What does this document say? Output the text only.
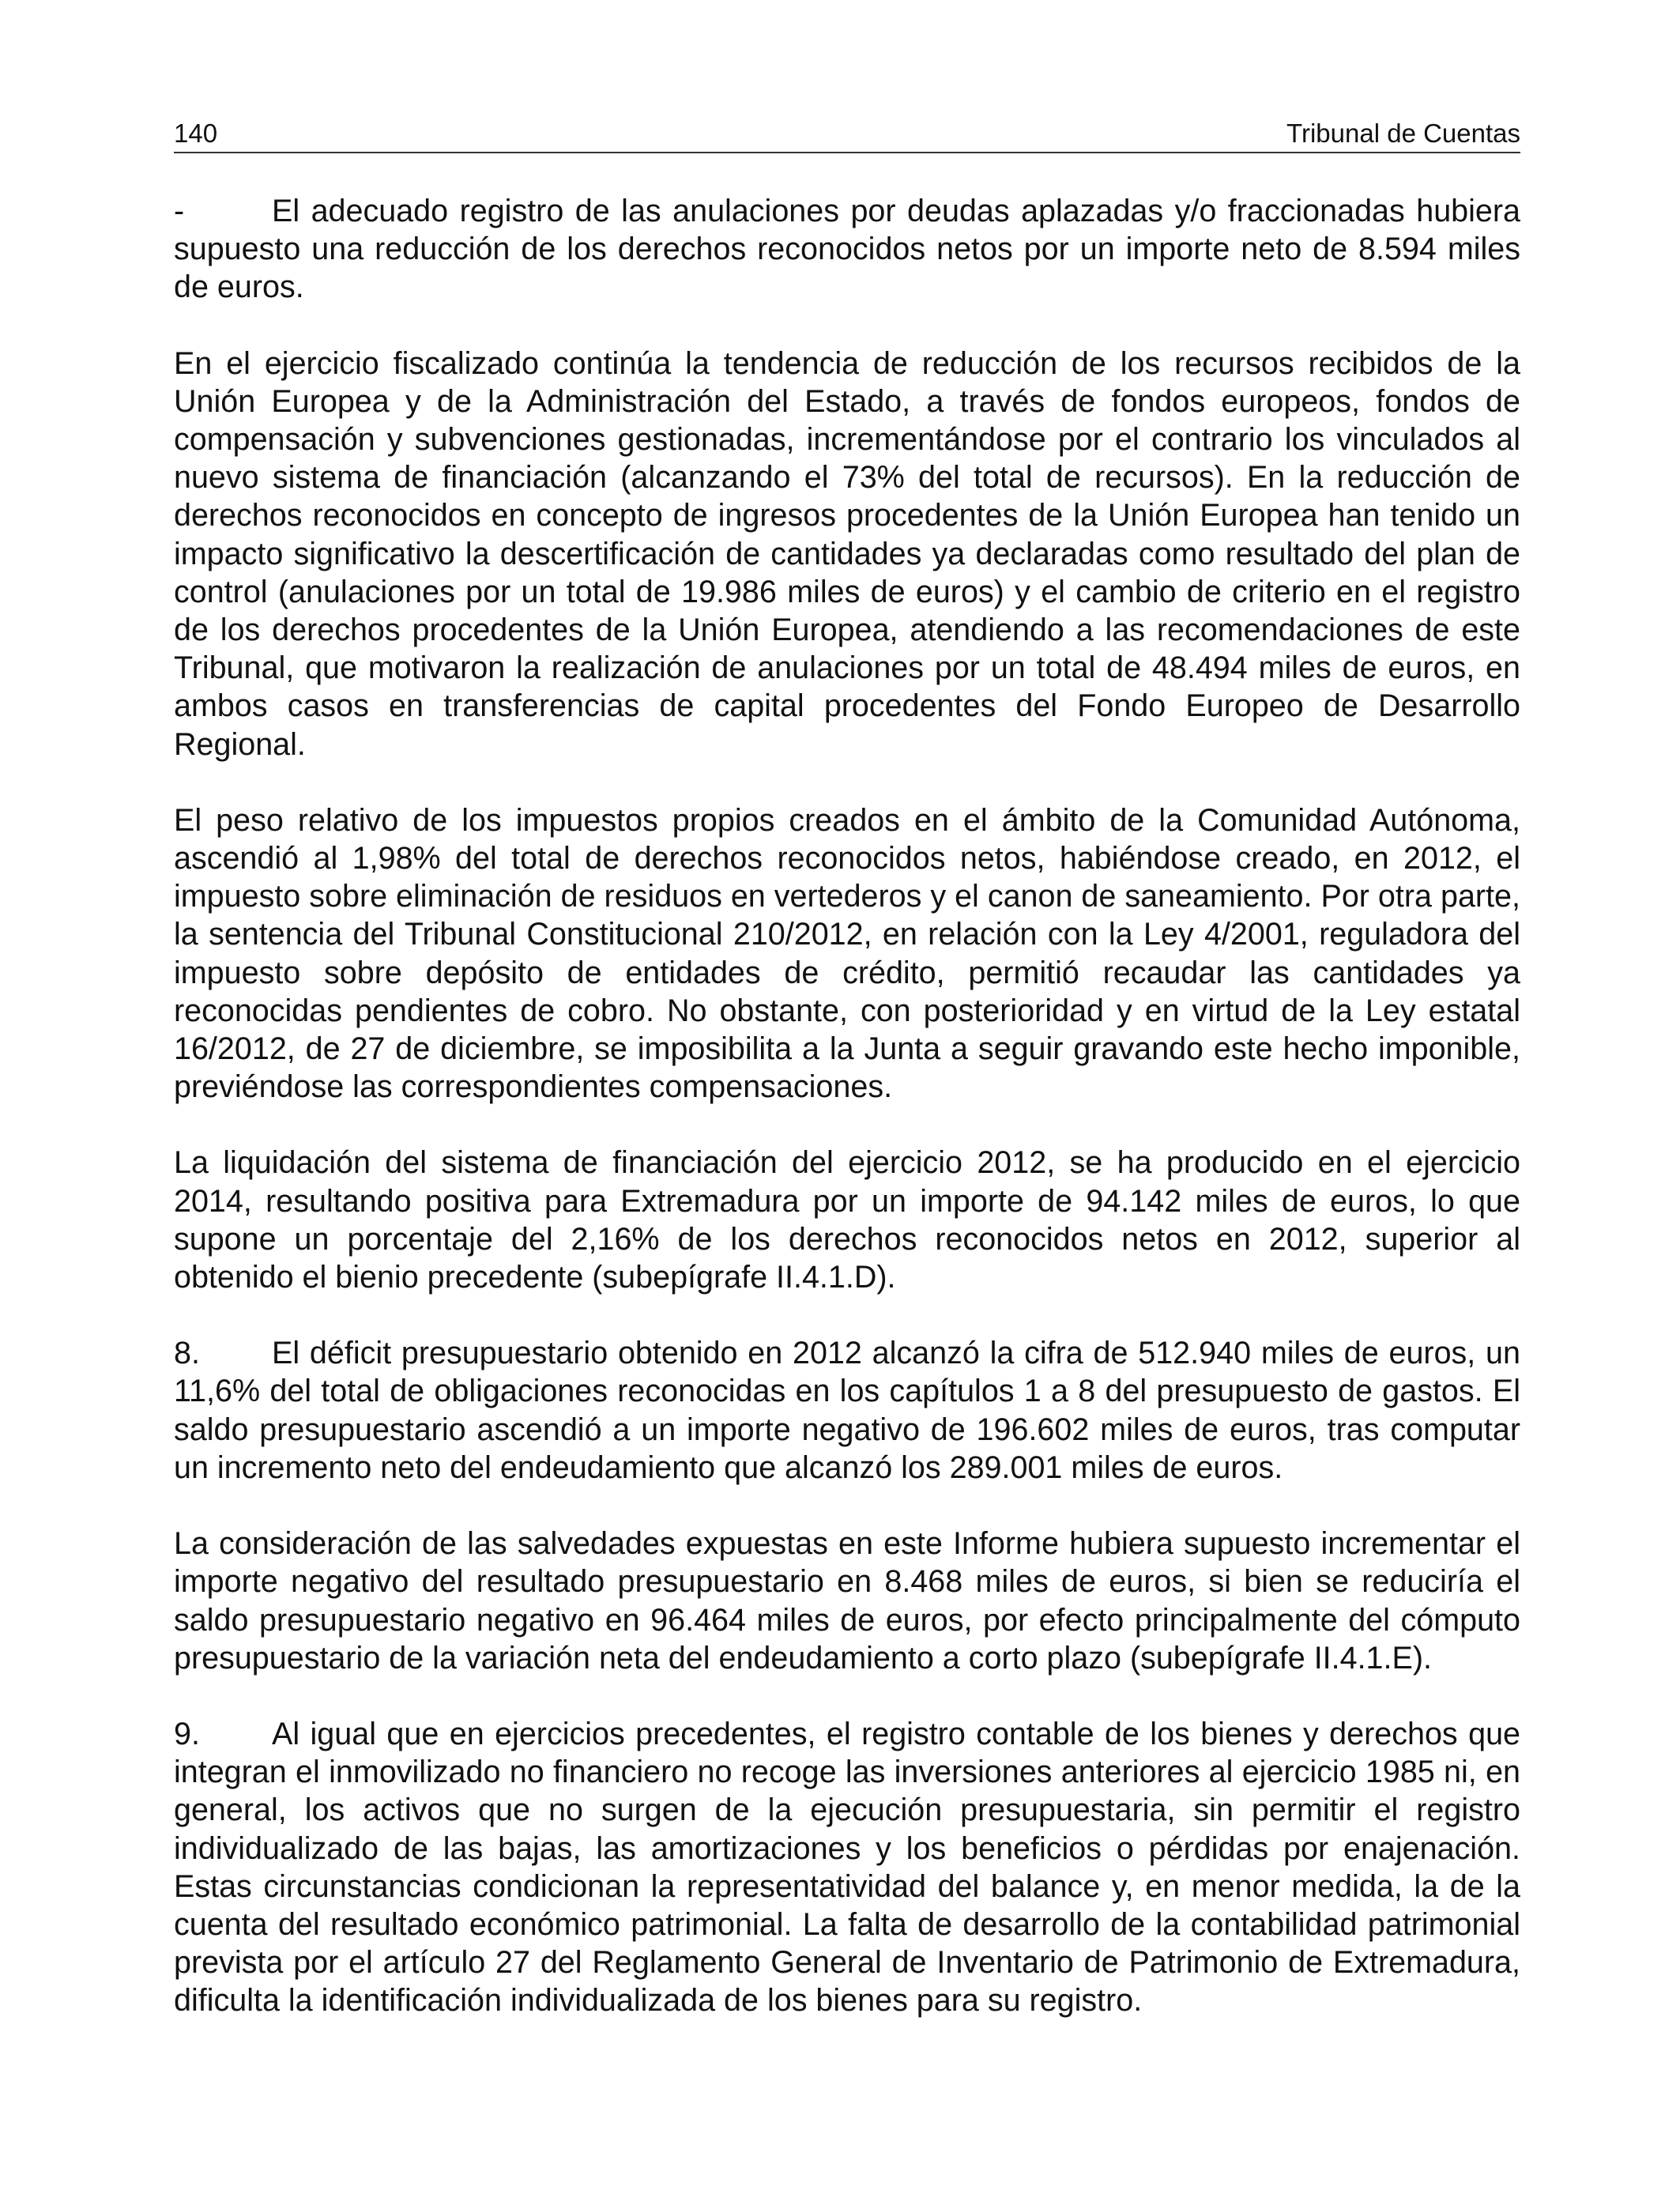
140	Tribunal de Cuentas

-	El adecuado registro de las anulaciones por deudas aplazadas y/o fraccionadas hubiera supuesto una reducción de los derechos reconocidos netos por un importe neto de 8.594 miles de euros.

En el ejercicio fiscalizado continúa la tendencia de reducción de los recursos recibidos de la Unión Europea y de la Administración del Estado, a través de fondos europeos, fondos de compensación y subvenciones gestionadas, incrementándose por el contrario los vinculados al nuevo sistema de financiación (alcanzando el 73% del total de recursos). En la reducción de derechos reconocidos en concepto de ingresos procedentes de la Unión Europea han tenido un impacto significativo la descertificación de cantidades ya declaradas como resultado del plan de control (anulaciones por un total de 19.986 miles de euros) y el cambio de criterio en el registro de los derechos procedentes de la Unión Europea, atendiendo a las recomendaciones de este Tribunal, que motivaron la realización de anulaciones por un total de 48.494 miles de euros, en ambos casos en transferencias de capital procedentes del Fondo Europeo de Desarrollo Regional.

El peso relativo de los impuestos propios creados en el ámbito de la Comunidad Autónoma, ascendió al 1,98% del total de derechos reconocidos netos, habiéndose creado, en 2012, el impuesto sobre eliminación de residuos en vertederos y el canon de saneamiento. Por otra parte, la sentencia del Tribunal Constitucional 210/2012, en relación con la Ley 4/2001, reguladora del impuesto sobre depósito de entidades de crédito, permitió recaudar las cantidades ya reconocidas pendientes de cobro. No obstante, con posterioridad y en virtud de la Ley estatal 16/2012, de 27 de diciembre, se imposibilita a la Junta a seguir gravando este hecho imponible, previéndose las correspondientes compensaciones.

La liquidación del sistema de financiación del ejercicio 2012, se ha producido en el ejercicio 2014, resultando positiva para Extremadura por un importe de 94.142 miles de euros, lo que supone un porcentaje del 2,16% de los derechos reconocidos netos en 2012, superior al obtenido el bienio precedente (subepígrafe II.4.1.D).

8. El déficit presupuestario obtenido en 2012 alcanzó la cifra de 512.940 miles de euros, un 11,6% del total de obligaciones reconocidas en los capítulos 1 a 8 del presupuesto de gastos. El saldo presupuestario ascendió a un importe negativo de 196.602 miles de euros, tras computar un incremento neto del endeudamiento que alcanzó los 289.001 miles de euros.

La consideración de las salvedades expuestas en este Informe hubiera supuesto incrementar el importe negativo del resultado presupuestario en 8.468 miles de euros, si bien se reduciría el saldo presupuestario negativo en 96.464 miles de euros, por efecto principalmente del cómputo presupuestario de la variación neta del endeudamiento a corto plazo (subepígrafe II.4.1.E).

9. Al igual que en ejercicios precedentes, el registro contable de los bienes y derechos que integran el inmovilizado no financiero no recoge las inversiones anteriores al ejercicio 1985 ni, en general, los activos que no surgen de la ejecución presupuestaria, sin permitir el registro individualizado de las bajas, las amortizaciones y los beneficios o pérdidas por enajenación. Estas circunstancias condicionan la representatividad del balance y, en menor medida, la de la cuenta del resultado económico patrimonial. La falta de desarrollo de la contabilidad patrimonial prevista por el artículo 27 del Reglamento General de Inventario de Patrimonio de Extremadura, dificulta la identificación individualizada de los bienes para su registro.
